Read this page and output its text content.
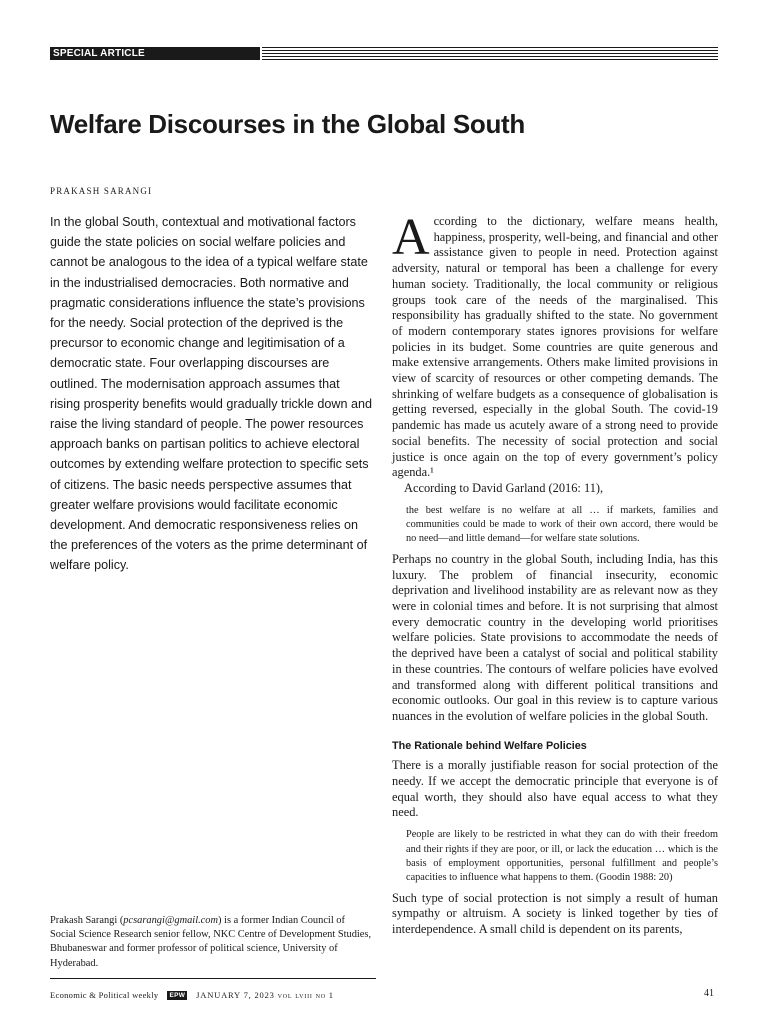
SPECIAL ARTICLE
Welfare Discourses in the Global South
PRAKASH SARANGI

In the global South, contextual and motivational factors guide the state policies on social welfare policies and cannot be analogous to the idea of a typical welfare state in the industrialised democracies. Both normative and pragmatic considerations influence the state’s provisions for the needy. Social protection of the deprived is the precursor to economic change and legitimisation of a democratic state. Four overlapping discourses are outlined. The modernisation approach assumes that rising prosperity benefits would gradually trickle down and raise the living standard of people. The power resources approach banks on partisan politics to achieve electoral outcomes by extending welfare protection to specific sets of citizens. The basic needs perspective assumes that greater welfare provisions would facilitate economic development. And democratic responsiveness relies on the preferences of the voters as the prime determinant of welfare policy.

Prakash Sarangi (pcsarangi@gmail.com) is a former Indian Council of Social Science Research senior fellow, NKC Centre of Development Studies, Bhubaneswar and former professor of political science, University of Hyderabad.

Economic & Political weekly	EPW JANUARY 7, 2023 vol lviii no 1	41

According to the dictionary, welfare means health, happiness, prosperity, well-being, and financial and other assistance given to people in need. Protection against adversity, natural or temporal has been a challenge for every human society. Traditionally, the local community or religious groups took care of the needs of the marginalised. This responsibility has gradually shifted to the state. No government of modern contemporary states ignores provisions for welfare policies in its budget. Some countries are quite generous and make extensive arrangements. Others make limited provisions in view of scarcity of resources or other competing demands. The shrinking of welfare budgets as a consequence of globalisation is getting reversed, especially in the global South. The covid-19 pandemic has made us acutely aware of a strong need to provide social benefits. The necessity of social protection and social justice is once again on the top of every government’s policy agenda.¹

According to David Garland (2016: 11),

the best welfare is no welfare at all … if markets, families and communities could be made to work of their own accord, there would be no need—and little demand—for welfare state solutions.

Perhaps no country in the global South, including India, has this luxury. The problem of financial insecurity, economic deprivation and livelihood instability are as relevant now as they were in colonial times and before. It is not surprising that almost every democratic country in the developing world prioritises welfare policies. State provisions to accommodate the needs of the deprived have been a catalyst of social and political stability in these countries. The contours of welfare policies have evolved and transformed along with different political transitions and economic outlooks. Our goal in this review is to capture various nuances in the evolution of welfare policies in the global South.

The Rationale behind Welfare Policies

There is a morally justifiable reason for social protection of the needy. If we accept the democratic principle that everyone is of equal worth, they should also have equal access to what they need.

People are likely to be restricted in what they can do with their freedom and their rights if they are poor, or ill, or lack the education … which is the basis of employment opportunities, personal fulfillment and people’s capacities to influence what happens to them. (Goodin 1988: 20)

Such type of social protection is not simply a result of human sympathy or altruism. A society is linked together by ties of interdependence. A small child is dependent on its parents,
